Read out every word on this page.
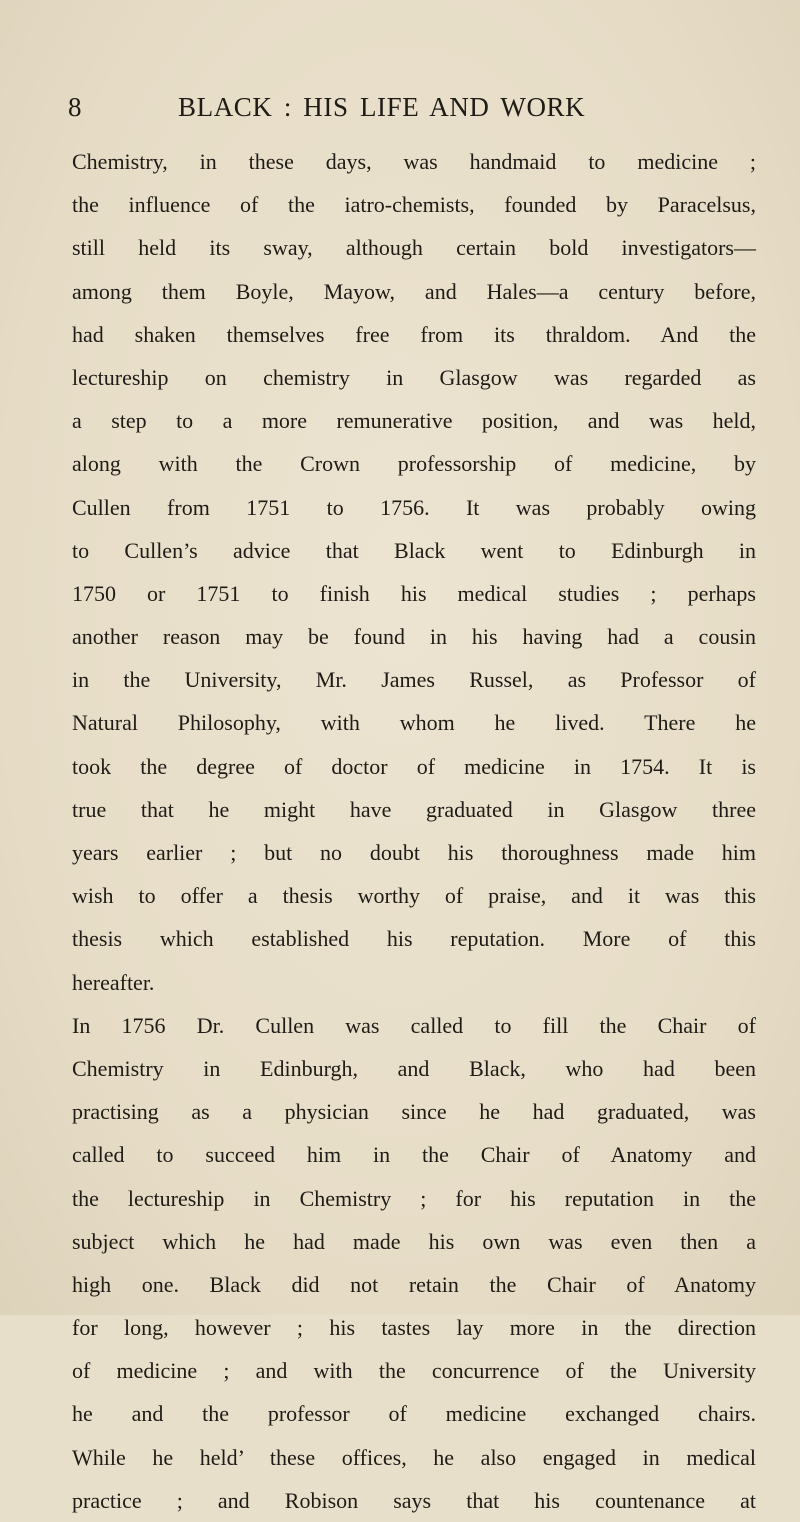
8	BLACK : HIS LIFE AND WORK
Chemistry, in these days, was handmaid to medicine ;
the influence of the iatro-chemists, founded by Paracelsus,
still held its sway, although certain bold investigators—
among them Boyle, Mayow, and Hales—a century before,
had shaken themselves free from its thraldom. And the
lectureship on chemistry in Glasgow was regarded as
a step to a more remunerative position, and was held,
along with the Crown professorship of medicine, by
Cullen from 1751 to 1756. It was probably owing
to Cullen’s advice that Black went to Edinburgh in
1750 or 1751 to finish his medical studies ; perhaps
another reason may be found in his having had a cousin
in the University, Mr. James Russel, as Professor of
Natural Philosophy, with whom he lived. There he
took the degree of doctor of medicine in 1754. It is
true that he might have graduated in Glasgow three
years earlier ; but no doubt his thoroughness made him
wish to offer a thesis worthy of praise, and it was this
thesis which established his reputation. More of this
hereafter.
In 1756 Dr. Cullen was called to fill the Chair of
Chemistry in Edinburgh, and Black, who had been
practising as a physician since he had graduated, was
called to succeed him in the Chair of Anatomy and
the lectureship in Chemistry ; for his reputation in the
subject which he had made his own was even then a
high one. Black did not retain the Chair of Anatomy
for long, however ; his tastes lay more in the direction
of medicine ; and with the concurrence of the University
he and the professor of medicine exchanged chairs.
While he held’ these offices, he also engaged in medical
practice ; and Robison says that his countenance at
